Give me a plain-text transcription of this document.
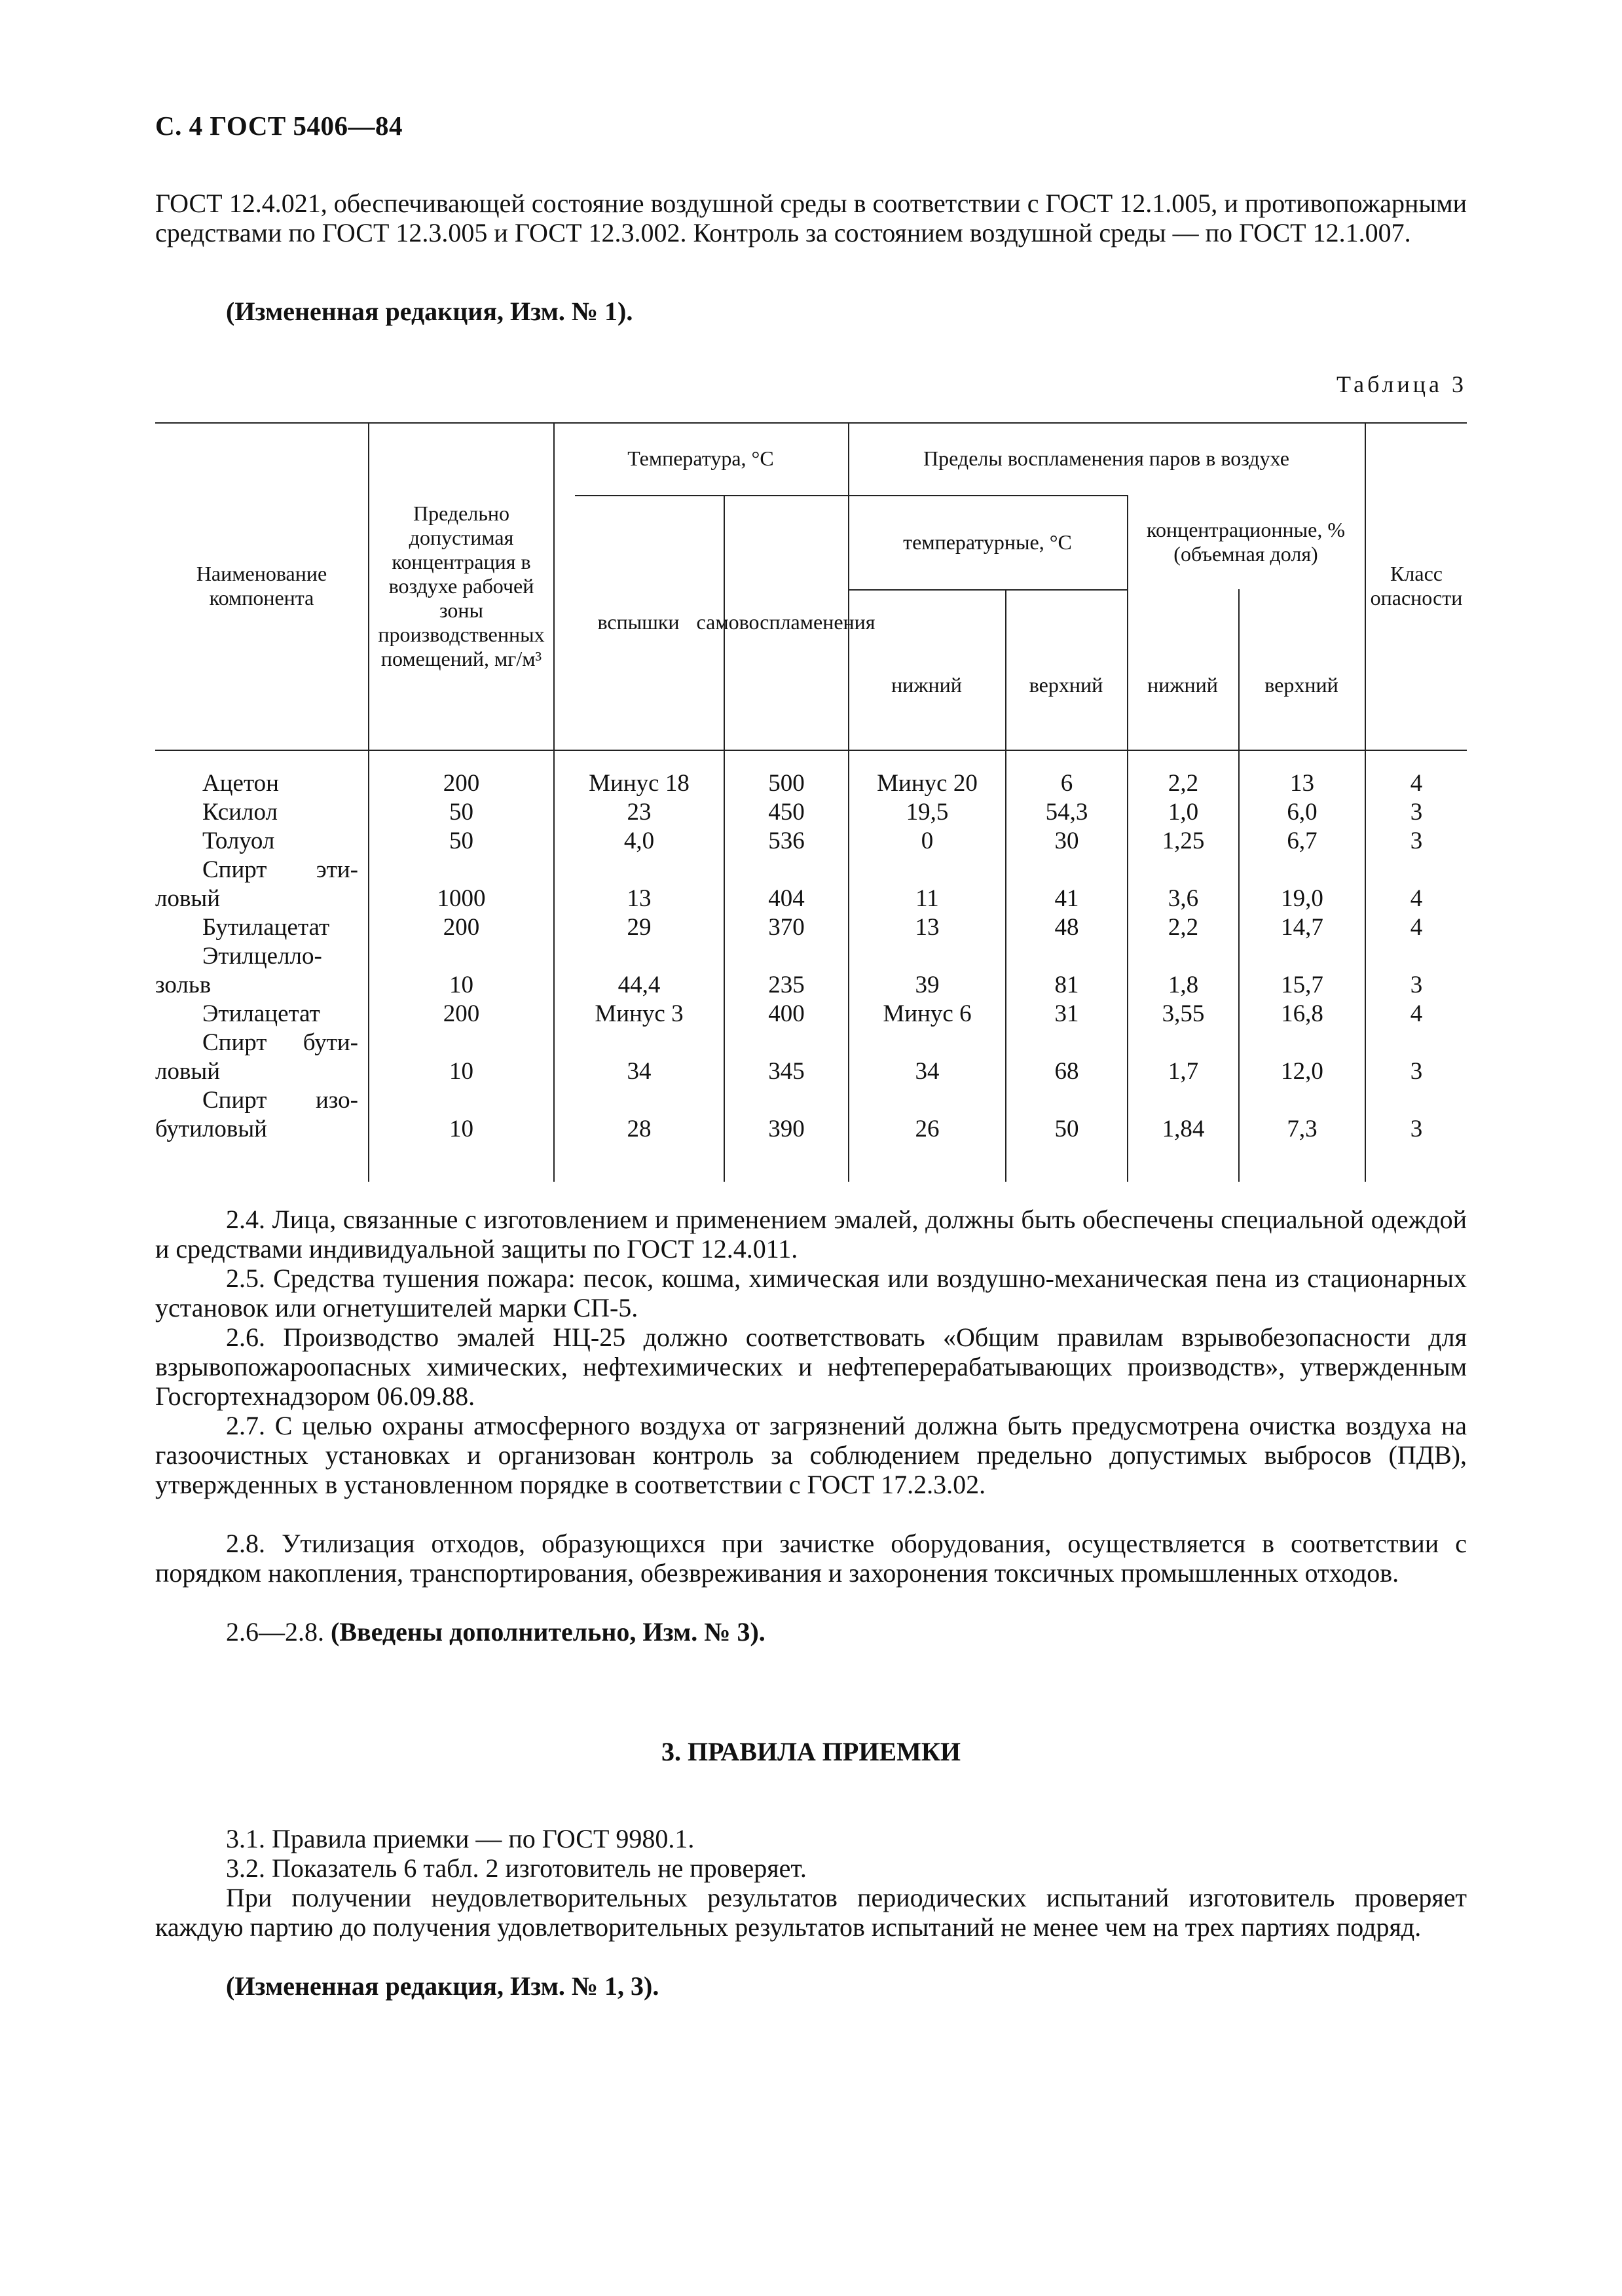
С. 4 ГОСТ 5406—84
ГОСТ 12.4.021, обеспечивающей состояние воздушной среды в соответствии с ГОСТ 12.1.005, и противопожарными средствами по ГОСТ 12.3.005 и ГОСТ 12.3.002. Контроль за состоянием воздушной среды — по ГОСТ 12.1.007.
(Измененная редакция, Изм. № 1).
Таблица 3
Наименование компонента
Предельно допустимая концентрация в воздухе рабочей зоны производственных помещений, мг/м³
Температура, °С
вспышки самовоспламенения
Пределы воспламенения паров в воздухе
температурные, °С
концентрационные, % (объемная доля)
нижний	верхний нижний верхний
Класс опасности
Ацетон
Ксилол
Толуол
Спирт эти-
ловый
Бутилацетат
Этилцелло-
зольв
Этилацетат
Спирт бути-
ловый
Спирт изо-
бутиловый
200
50
50
1000
200
10
200
10
10
Минус 18
23
4,0
13
29
44,4
Минус 3
34
28
500
450
536
404
370
235
400
345
390
Минус 20
19,5
0
11
13
39
Минус 6
34
26
6
54,3
30
41
48
81
31
68
50
2,2
1,0
1,25
3,6
2,2
1,8
3,55
1,7
1,84
13
6,0
6,7
19,0
14,7
15,7
16,8
12,0
7,3
4
3
3
4
4
3
4
3
3
2.4. Лица, связанные с изготовлением и применением эмалей, должны быть обеспечены специальной одеждой и средствами индивидуальной защиты по ГОСТ 12.4.011.
2.5. Средства тушения пожара: песок, кошма, химическая или воздушно-механическая пена из стационарных установок или огнетушителей марки СП-5.
2.6. Производство эмалей НЦ-25 должно соответствовать «Общим правилам взрывобезопасности для взрывопожароопасных химических, нефтехимических и нефтеперерабатывающих производств», утвержденным Госгортехнадзором 06.09.88.
2.7. С целью охраны атмосферного воздуха от загрязнений должна быть предусмотрена очистка воздуха на газоочистных установках и организован контроль за соблюдением предельно допустимых выбросов (ПДВ), утвержденных в установленном порядке в соответствии с ГОСТ 17.2.3.02.
2.8. Утилизация отходов, образующихся при зачистке оборудования, осуществляется в соответствии с порядком накопления, транспортирования, обезвреживания и захоронения токсичных промышленных отходов.
2.6—2.8. (Введены дополнительно, Изм. № 3).
3. ПРАВИЛА ПРИЕМКИ
3.1. Правила приемки — по ГОСТ 9980.1.
3.2. Показатель 6 табл. 2 изготовитель не проверяет.
При получении неудовлетворительных результатов периодических испытаний изготовитель проверяет каждую партию до получения удовлетворительных результатов испытаний не менее чем на трех партиях подряд.
(Измененная редакция, Изм. № 1, 3).
